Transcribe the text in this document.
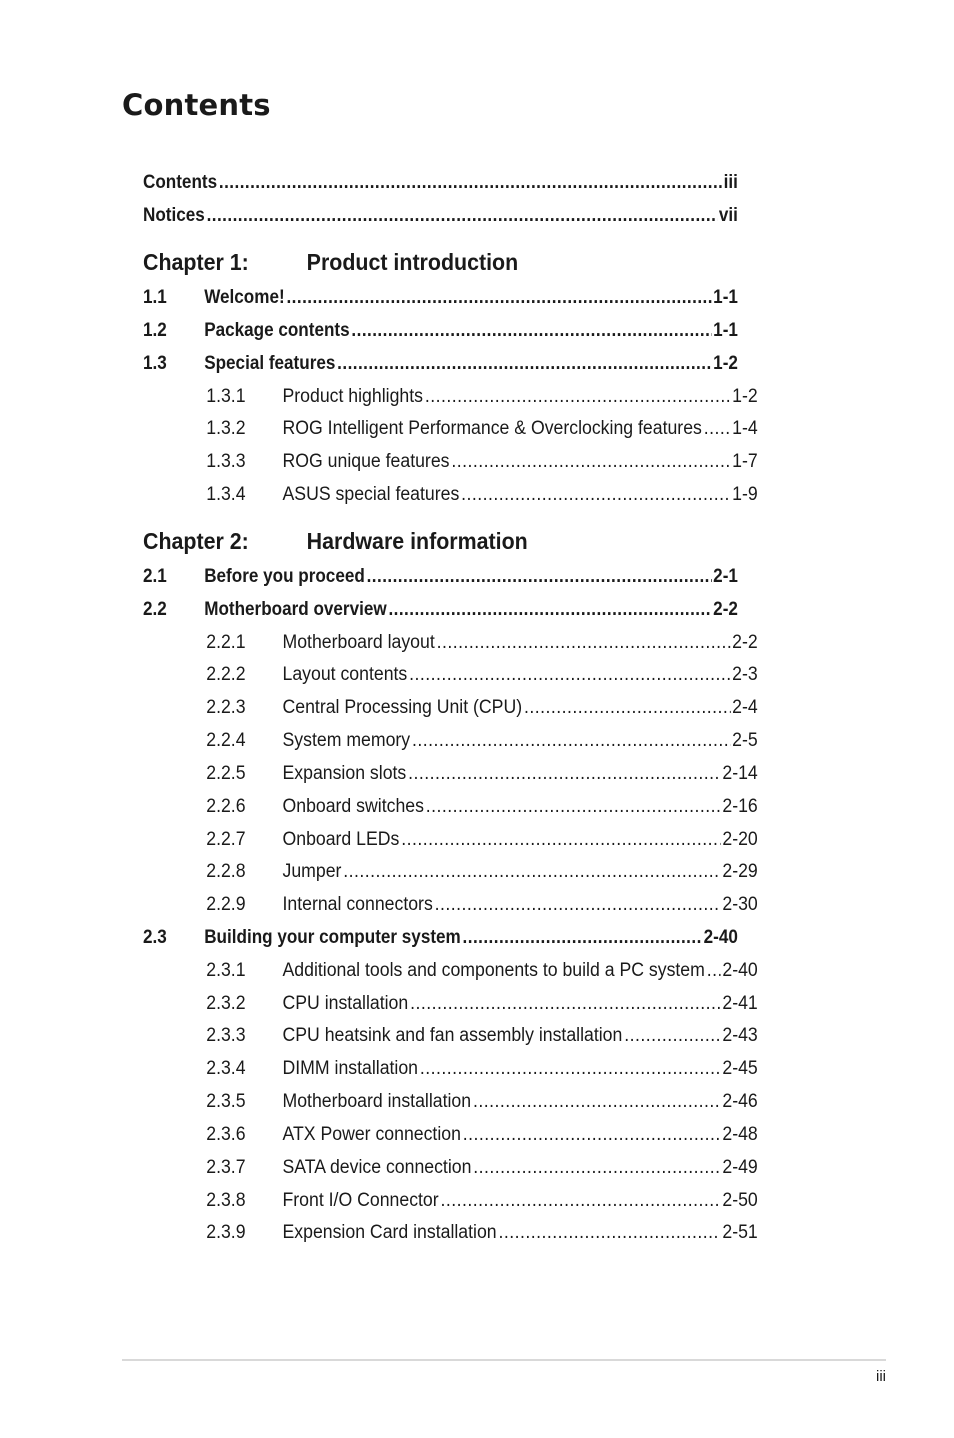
Contents
Contents .....	iii
Notices .....	vii
Chapter 1:	Product introduction
1.1	Welcome! .....	1-1
1.2	Package contents .....	1-1
1.3	Special features .....	1-2
1.3.1	Product highlights .....	1-2
1.3.2	ROG Intelligent Performance & Overclocking features ..... 1-4
1.3.3	ROG unique features .....	1-7
1.3.4	ASUS special features .....	1-9
Chapter 2:	Hardware information
2.1	Before you proceed .....	2-1
2.2	Motherboard overview .....	2-2
2.2.1	Motherboard layout .....	2-2
2.2.2	Layout contents .....	2-3
2.2.3	Central Processing Unit (CPU) .....	2-4
2.2.4	System memory .....	2-5
2.2.5	Expansion slots .....	2-14
2.2.6	Onboard switches .....	2-16
2.2.7	Onboard LEDs .....	2-20
2.2.8	Jumper .....	2-29
2.2.9	Internal connectors .....	2-30
2.3	Building your computer system .....	2-40
2.3.1	Additional tools and components to build a PC system ..... 2-40
2.3.2	CPU installation .....	2-41
2.3.3	CPU heatsink and fan assembly installation .....	2-43
2.3.4	DIMM installation .....	2-45
2.3.5	Motherboard installation .....	2-46
2.3.6	ATX Power connection .....	2-48
2.3.7	SATA device connection .....	2-49
2.3.8	Front I/O Connector .....	2-50
2.3.9	Expension Card installation .....	2-51
iii
